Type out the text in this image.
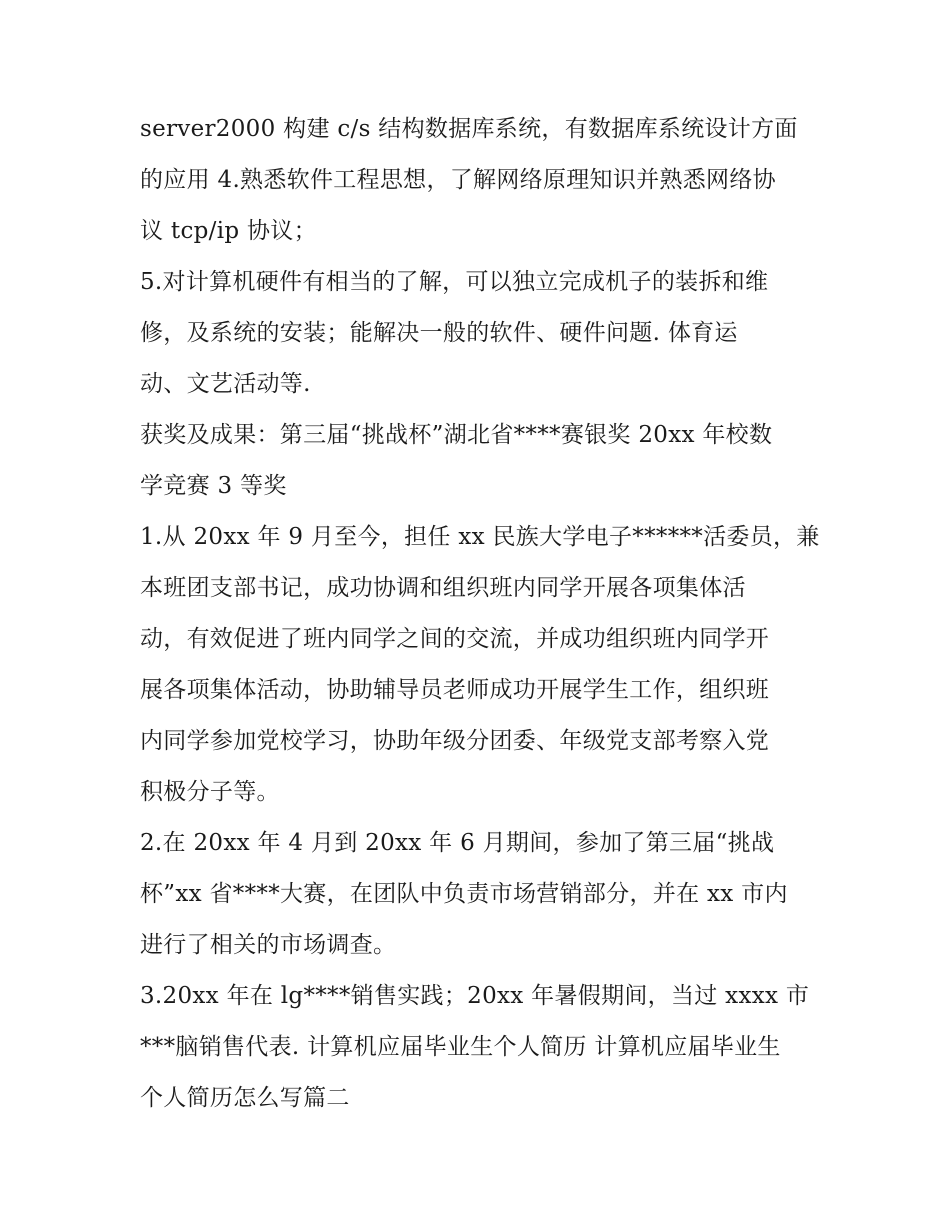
server2000 构建 c/s 结构数据库系统，有数据库系统设计方面
的应用 4.熟悉软件工程思想，了解网络原理知识并熟悉网络协
议 tcp/ip 协议；
5.对计算机硬件有相当的了解，可以独立完成机子的装拆和维
修，及系统的安装；能解决一般的软件、硬件问题. 体育运
动、文艺活动等.
获奖及成果：第三届“挑战杯”湖北省****赛银奖 20xx 年校数
学竞赛 3 等奖
1.从 20xx 年 9 月至今，担任 xx 民族大学电子******活委员，兼
本班团支部书记，成功协调和组织班内同学开展各项集体活
动，有效促进了班内同学之间的交流，并成功组织班内同学开
展各项集体活动，协助辅导员老师成功开展学生工作，组织班
内同学参加党校学习，协助年级分团委、年级党支部考察入党
积极分子等。
2.在 20xx 年 4 月到 20xx 年 6 月期间，参加了第三届“挑战
杯”xx 省****大赛，在团队中负责市场营销部分，并在 xx 市内
进行了相关的市场调查。
3.20xx 年在 lg****销售实践；20xx 年暑假期间，当过 xxxx 市
***脑销售代表. 计算机应届毕业生个人简历 计算机应届毕业生
个人简历怎么写篇二
